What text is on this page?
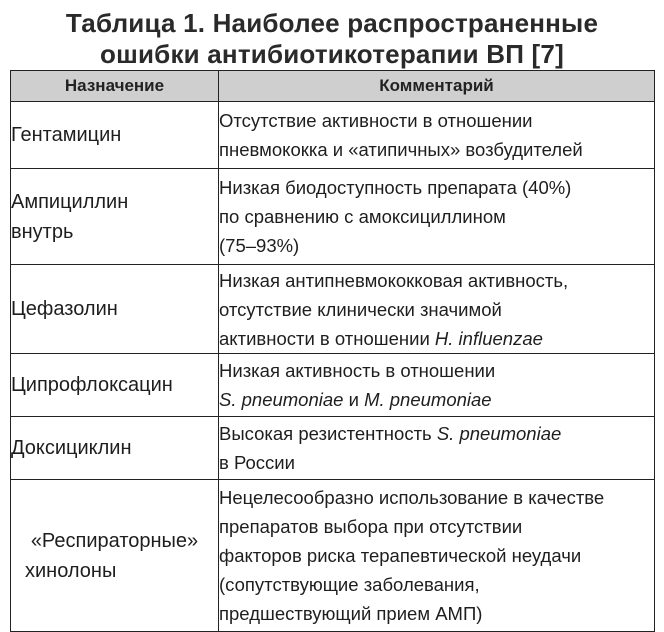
Таблица 1. Наиболее распространенные
ошибки антибиотикотерапии ВП [7]
Назначение	Комментарий
Гентамицин	Отсутствие активности в отношении
пневмококка и «атипичных» возбудителей

Ампициллин
внутрь	Низкая биодоступность препарата (40%)
по сравнению с амоксициллином
(75–93%)

Цефазолин	Низкая антипневмококковая активность,
отсутствие клинически значимой
активности в отношении H. influenzae

Ципрофлоксацин	Низкая активность в отношении
S. pneumoniae и M. pneumoniae

Доксициклин	Высокая резистентность S. pneumoniae
в России

«Респираторные»
хинолоны	Нецелесообразно использование в качестве
препаратов выбора при отсутствии
факторов риска терапевтической неудачи
(сопутствующие заболевания,
предшествующий прием АМП)
